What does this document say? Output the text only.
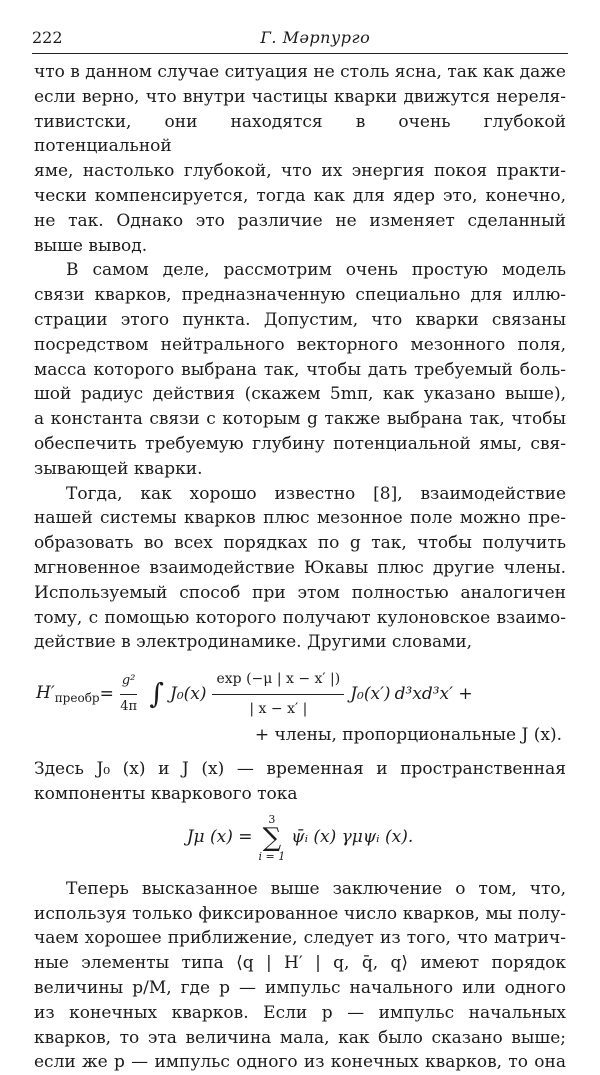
222	Г. Мəрпурго

что в данном случае ситуация не столь ясна, так как даже
если верно, что внутри частицы кварки движутся нереля-
тивистски, они находятся в очень глубокой потенциальной
яме, настолько глубокой, что их энергия покоя практи-
чески компенсируется, тогда как для ядер это, конечно,
не так. Однако это различие не изменяет сделанный
выше вывод.

В самом деле, рассмотрим очень простую модель
связи кварков, предназначенную специально для иллю-
страции этого пункта. Допустим, что кварки связаны
посредством нейтрального векторного мезонного поля,
масса которого выбрана так, чтобы дать требуемый боль-
шой радиус действия (скажем 5mπ, как указано выше),
а константа связи с которым g также выбрана так, чтобы
обеспечить требуемую глубину потенциальной ямы, свя-
зывающей кварки.

Тогда, как хорошо известно [8], взаимодействие
нашей системы кварков плюс мезонное поле можно пре-
образовать во всех порядках по g так, чтобы получить
мгновенное взаимодействие Юкавы плюс другие члены.
Используемый способ при этом полностью аналогичен
тому, с помощью которого получают кулоновское взаимо-
действие в электродинамике. Другими словами,

$H'_{преобр} = \frac{\text{g²}}{4\pi}$ ∫ $J_0(x) \frac{\exp (-\mu | x - x' |)}{| x - x' |} J_0(x') d^3xd^3x'$ +
+ члены, пропорциональные J (x).

Здесь J₀ (x) и J (x) — временная и пространственная
компоненты кваркового тока

Jμ (x) =
3
∑
i = 1
ψ̄ᵢ (x) γμψᵢ (x).

Теперь высказанное выше заключение о том, что,
используя только фиксированное число кварков, мы полу-
чаем хорошее приближение, следует из того, что матрич-
ные элементы типа ⟨q | H′ | q, q̄, q⟩ имеют порядок
величины p/M, где p — импульс начального или одного
из конечных кварков. Если p — импульс начальных
кварков, то эта величина мала, как было сказано выше;
если же p — импульс одного из конечных кварков, то она
